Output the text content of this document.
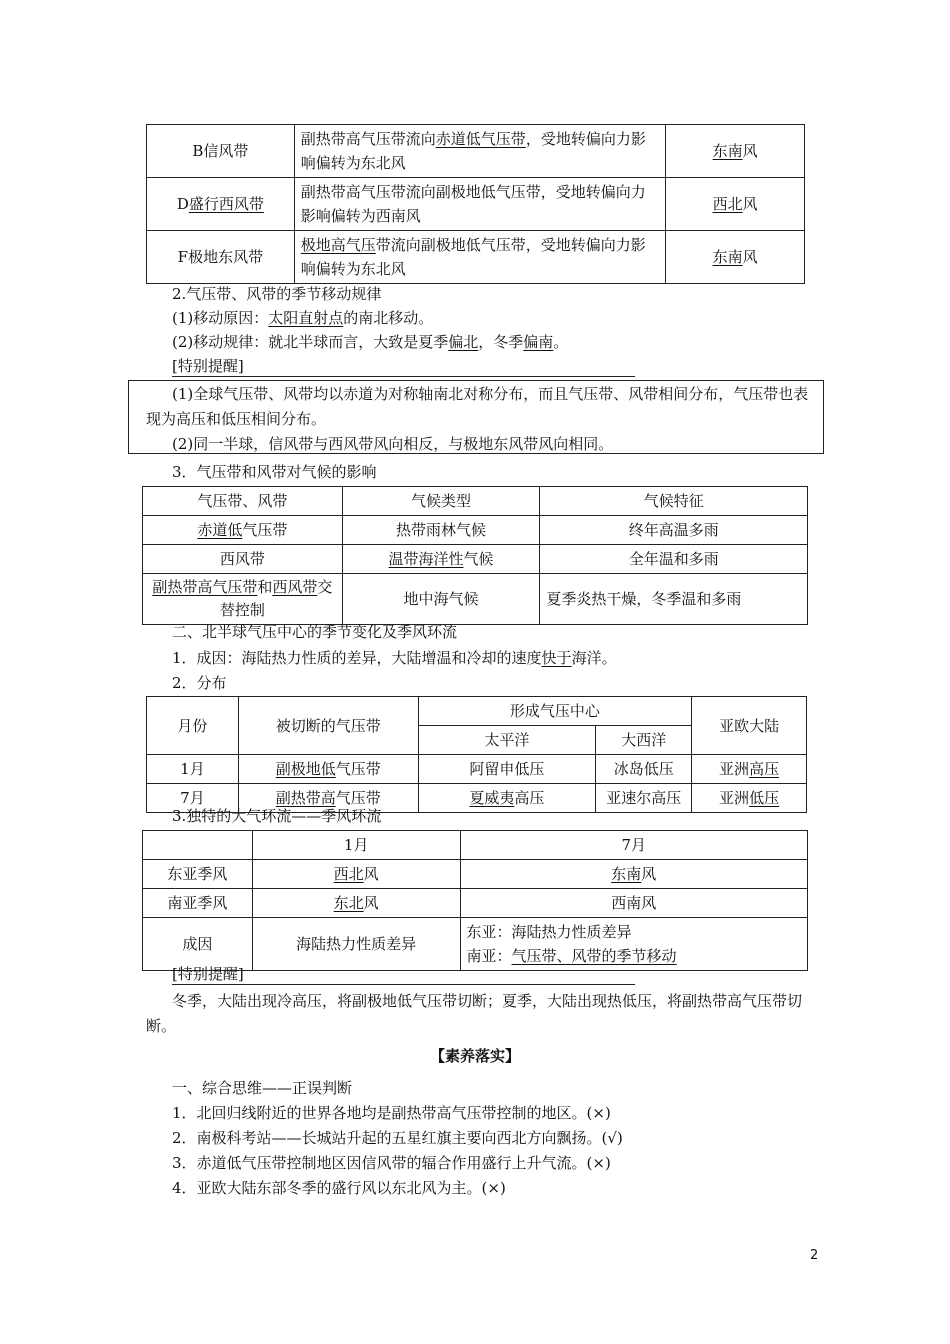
B信风带	副热带高气压带流向赤道低气压带，受地转偏向力影响偏转为东北风	东南风
D盛行西风带	副热带高气压带流向副极地低气压带，受地转偏向力影响偏转为西南风	西北风
F极地东风带	极地高气压带流向副极地低气压带，受地转偏向力影响偏转为东北风	东南风
2.气压带、风带的季节移动规律
(1)移动原因：太阳直射点的南北移动。
(2)移动规律：就北半球而言，大致是夏季偏北，冬季偏南。
[特别提醒]
(1)全球气压带、风带均以赤道为对称轴南北对称分布，而且气压带、风带相间分布，气压带也表现为高压和低压相间分布。
(2)同一半球，信风带与西风带风向相反，与极地东风带风向相同。
3．气压带和风带对气候的影响
气压带、风带	气候类型	气候特征
赤道低气压带	热带雨林气候	终年高温多雨
西风带	温带海洋性气候	全年温和多雨
副热带高气压带和西风带交替控制	地中海气候	夏季炎热干燥，冬季温和多雨
二、北半球气压中心的季节变化及季风环流
1．成因：海陆热力性质的差异，大陆增温和冷却的速度快于海洋。
2．分布
月份	被切断的气压带	形成气压中心		亚欧大陆
		太平洋	大西洋	
1月	副极地低气压带	阿留申低压	冰岛低压	亚洲高压
7月	副热带高气压带	夏威夷高压	亚速尔高压	亚洲低压
3.独特的大气环流——季风环流
	1月	7月
东亚季风	西北风	东南风
南亚季风	东北风	西南风
成因	海陆热力性质差异	东亚：海陆热力性质差异
南亚：气压带、风带的季节移动
[特别提醒]
冬季，大陆出现冷高压，将副极地低气压带切断；夏季，大陆出现热低压，将副热带高气压带切断。
【素养落实】
一、综合思维——正误判断
1．北回归线附近的世界各地均是副热带高气压带控制的地区。(×)
2．南极科考站——长城站升起的五星红旗主要向西北方向飘扬。(√)
3．赤道低气压带控制地区因信风带的辐合作用盛行上升气流。(×)
4．亚欧大陆东部冬季的盛行风以东北风为主。(×)
2
